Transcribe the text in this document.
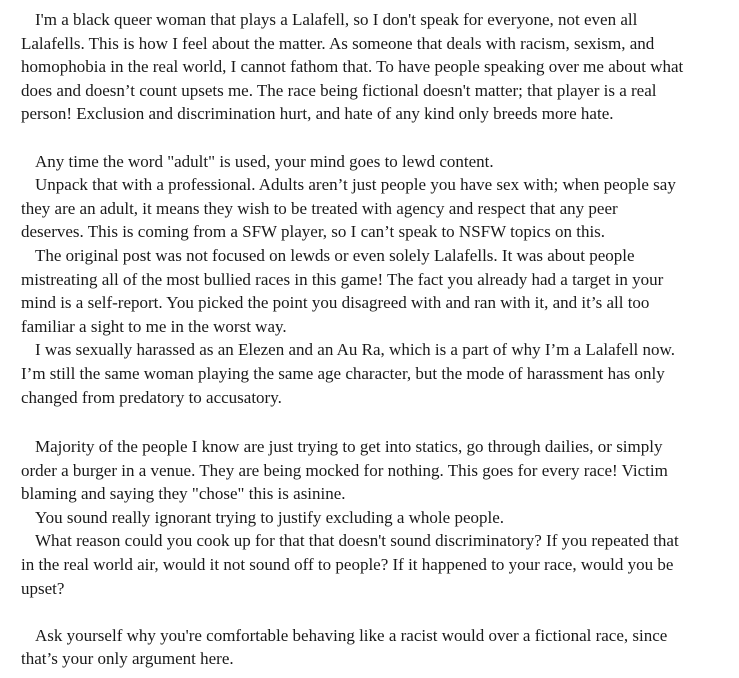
I'm a black queer woman that plays a Lalafell, so I don't speak for everyone, not even all
Lalafells. This is how I feel about the matter. As someone that deals with racism, sexism, and
homophobia in the real world, I cannot fathom that. To have people speaking over me about what
does and doesn’t count upsets me. The race being fictional doesn't matter; that player is a real
person! Exclusion and discrimination hurt, and hate of any kind only breeds more hate.
Any time the word "adult" is used, your mind goes to lewd content.
Unpack that with a professional. Adults aren’t just people you have sex with; when people say
they are an adult, it means they wish to be treated with agency and respect that any peer
deserves. This is coming from a SFW player, so I can’t speak to NSFW topics on this.
The original post was not focused on lewds or even solely Lalafells. It was about people
mistreating all of the most bullied races in this game! The fact you already had a target in your
mind is a self-report. You picked the point you disagreed with and ran with it, and it’s all too
familiar a sight to me in the worst way.
I was sexually harassed as an Elezen and an Au Ra, which is a part of why I’m a Lalafell now.
I’m still the same woman playing the same age character, but the mode of harassment has only
changed from predatory to accusatory.
Majority of the people I know are just trying to get into statics, go through dailies, or simply
order a burger in a venue. They are being mocked for nothing. This goes for every race! Victim
blaming and saying they "chose" this is asinine.
You sound really ignorant trying to justify excluding a whole people.
What reason could you cook up for that that doesn't sound discriminatory? If you repeated that
in the real world air, would it not sound off to people? If it happened to your race, would you be
upset?
Ask yourself why you're comfortable behaving like a racist would over a fictional race, since
that’s your only argument here.
